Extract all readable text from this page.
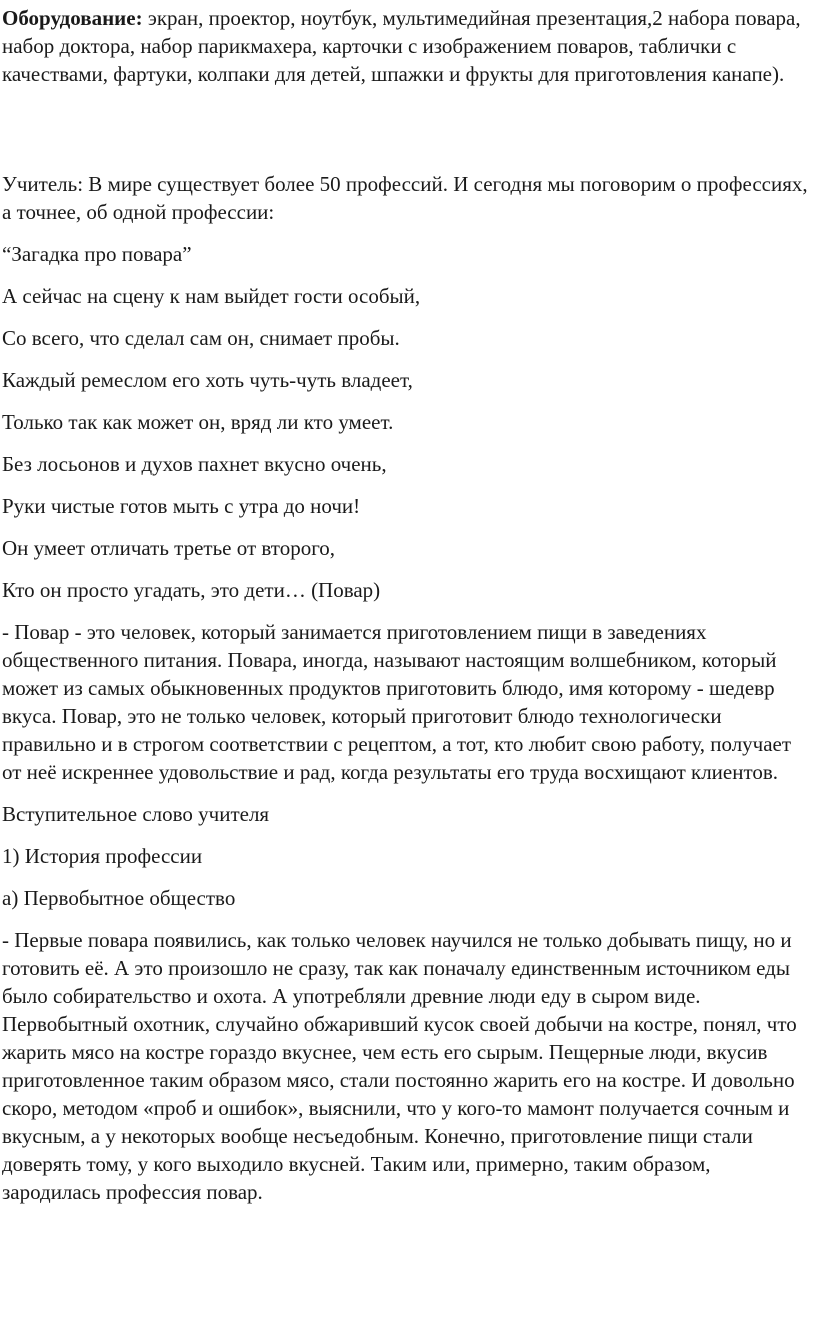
Оборудование: экран, проектор, ноутбук, мультимедийная презентация,2 набора повара, набор доктора, набор парикмахера, карточки с изображением поваров, таблички с качествами, фартуки, колпаки для детей, шпажки и фрукты для приготовления канапе).

Учитель: В мире существует более 50 профессий. И сегодня мы поговорим о профессиях, а точнее, об одной профессии:

“Загадка про повара”

А сейчас на сцену к нам выйдет гости особый,

Со всего, что сделал сам он, снимает пробы.

Каждый ремеслом его хоть чуть-чуть владеет,

Только так как может он, вряд ли кто умеет.

Без лосьонов и духов пахнет вкусно очень,

Руки чистые готов мыть с утра до ночи!

Он умеет отличать третье от второго,

Кто он просто угадать, это дети… (Повар)

- Повар - это человек, который занимается приготовлением пищи в заведениях общественного питания. Повара, иногда, называют настоящим волшебником, который может из самых обыкновенных продуктов приготовить блюдо, имя которому - шедевр вкуса. Повар, это не только человек, который приготовит блюдо технологически правильно и в строгом соответствии с рецептом, а тот, кто любит свою работу, получает от неё искреннее удовольствие и рад, когда результаты его труда восхищают клиентов.

Вступительное слово учителя

1) История профессии

а) Первобытное общество

- Первые повара появились, как только человек научился не только добывать пищу, но и готовить её. А это произошло не сразу, так как поначалу единственным источником еды было собирательство и охота. А употребляли древние люди еду в сыром виде. Первобытный охотник, случайно обжаривший кусок своей добычи на костре, понял, что жарить мясо на костре гораздо вкуснее, чем есть его сырым. Пещерные люди, вкусив приготовленное таким образом мясо, стали постоянно жарить его на костре. И довольно скоро, методом «проб и ошибок», выяснили, что у кого-то мамонт получается сочным и вкусным, а у некоторых вообще несъедобным. Конечно, приготовление пищи стали доверять тому, у кого выходило вкусней. Таким или, примерно, таким образом, зародилась профессия повар.
